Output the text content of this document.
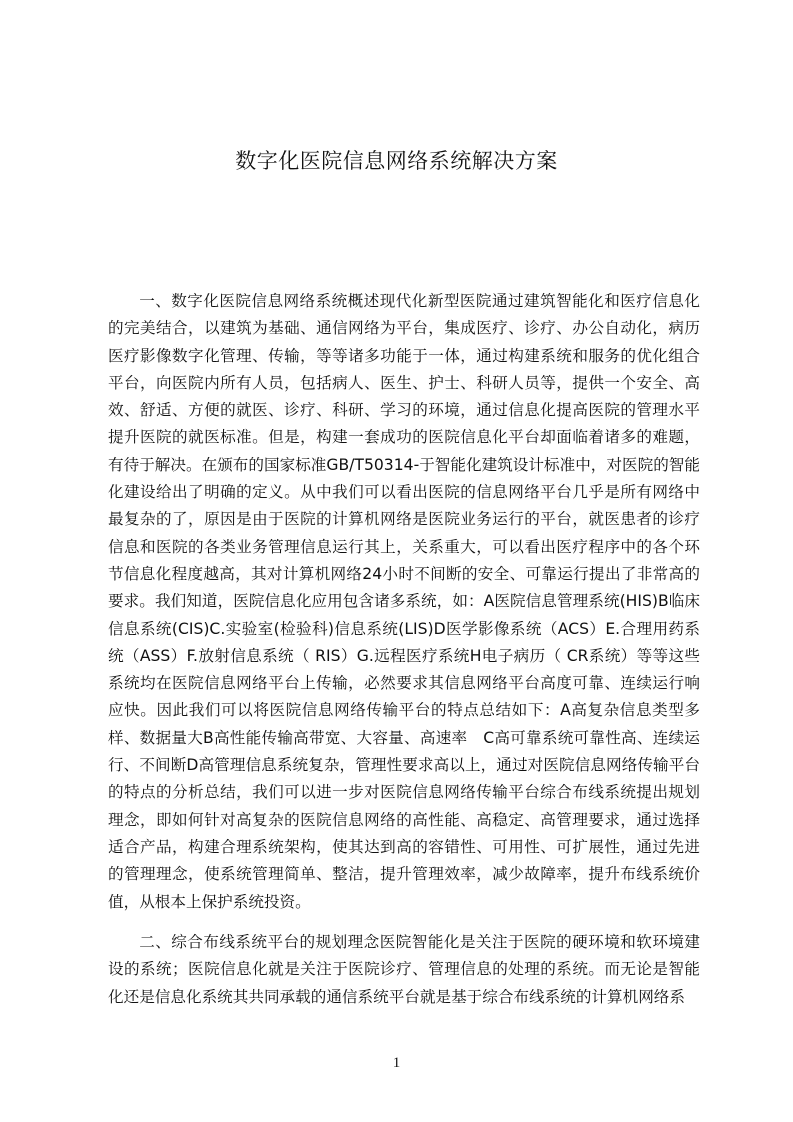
数字化医院信息网络系统解决方案

一、数字化医院信息网络系统概述现代化新型医院通过建筑智能化和医疗信息化的完美结合，以建筑为基础、通信网络为平台，集成医疗、诊疗、办公自动化，病历医疗影像数字化管理、传输，等等诸多功能于一体，通过构建系统和服务的优化组合平台，向医院内所有人员，包括病人、医生、护士、科研人员等，提供一个安全、高效、舒适、方便的就医、诊疗、科研、学习的环境，通过信息化提高医院的管理水平提升医院的就医标准。但是，构建一套成功的医院信息化平台却面临着诸多的难题，有待于解决。在颁布的国家标准GB/T50314-于智能化建筑设计标准中，对医院的智能化建设给出了明确的定义。从中我们可以看出医院的信息网络平台几乎是所有网络中最复杂的了，原因是由于医院的计算机网络是医院业务运行的平台，就医患者的诊疗信息和医院的各类业务管理信息运行其上，关系重大，可以看出医疗程序中的各个环节信息化程度越高，其对计算机网络24小时不间断的安全、可靠运行提出了非常高的要求。我们知道，医院信息化应用包含诸多系统，如：A医院信息管理系统(HIS)B临床信息系统(CIS)C.实验室(检验科)信息系统(LIS)D医学影像系统（ACS）E.合理用药系统（ASS）F.放射信息系统（ RIS）G.远程医疗系统H电子病历（ CR系统）等等这些系统均在医院信息网络平台上传输，必然要求其信息网络平台高度可靠、连续运行响应快。因此我们可以将医院信息网络传输平台的特点总结如下：A高复杂信息类型多样、数据量大B高性能传输高带宽、大容量、高速率　C高可靠系统可靠性高、连续运行、不间断D高管理信息系统复杂，管理性要求高以上，通过对医院信息网络传输平台的特点的分析总结，我们可以进一步对医院信息网络传输平台综合布线系统提出规划理念，即如何针对高复杂的医院信息网络的高性能、高稳定、高管理要求，通过选择适合产品，构建合理系统架构，使其达到高的容错性、可用性、可扩展性，通过先进的管理理念，使系统管理简单、整洁，提升管理效率，减少故障率，提升布线系统价值，从根本上保护系统投资。

二、综合布线系统平台的规划理念医院智能化是关注于医院的硬环境和软环境建设的系统；医院信息化就是关注于医院诊疗、管理信息的处理的系统。而无论是智能化还是信息化系统其共同承载的通信系统平台就是基于综合布线系统的计算机网络系

1
